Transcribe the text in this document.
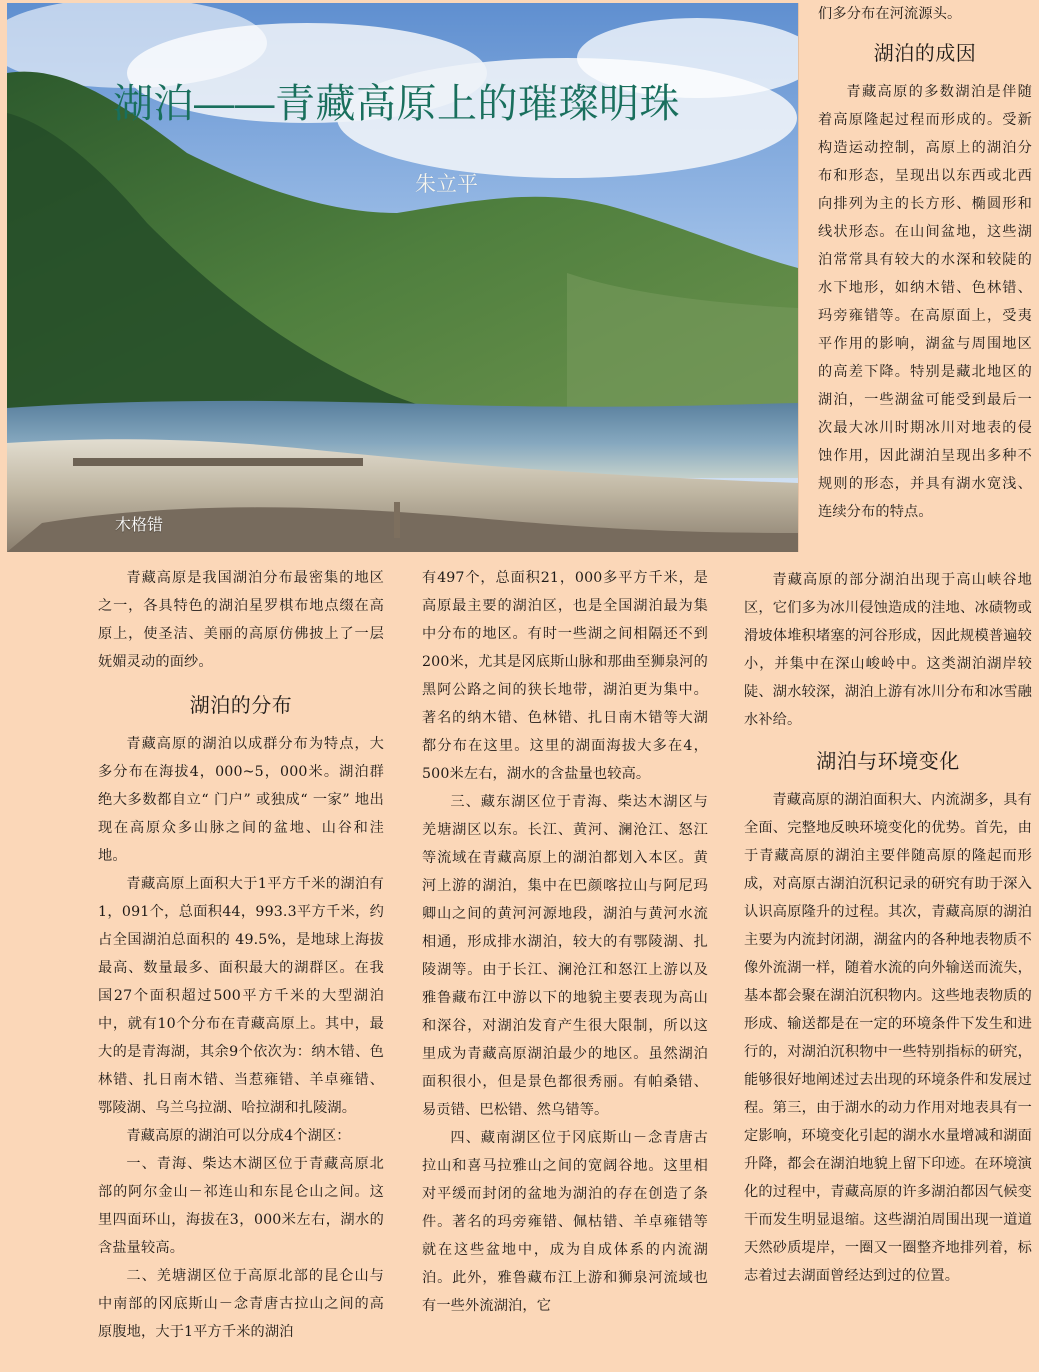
湖泊——青藏高原上的璀璨明珠
朱立平
木格错

青藏高原是我国湖泊分布最密集的地区之一，各具特色的湖泊星罗棋布地点缀在高原上，使圣洁、美丽的高原仿佛披上了一层妩媚灵动的面纱。

湖泊的分布

青藏高原的湖泊以成群分布为特点，大多分布在海拔4，000~5，000米。湖泊群绝大多数都自立“ 门户” 或独成“ 一家” 地出现在高原众多山脉之间的盆地、山谷和洼地。

青藏高原上面积大于1平方千米的湖泊有1，091个，总面积44，993.3平方千米，约占全国湖泊总面积的 49.5%，是地球上海拔最高、数量最多、面积最大的湖群区。在我国27个面积超过500平方千米的大型湖泊中，就有10个分布在青藏高原上。其中，最大的是青海湖，其余9个依次为：纳木错、色林错、扎日南木错、当惹雍错、羊卓雍错、鄂陵湖、乌兰乌拉湖、哈拉湖和扎陵湖。

青藏高原的湖泊可以分成4个湖区：

一、青海、柴达木湖区位于青藏高原北部的阿尔金山－祁连山和东昆仑山之间。这里四面环山，海拔在3，000米左右，湖水的含盐量较高。

二、羌塘湖区位于高原北部的昆仑山与中南部的冈底斯山－念青唐古拉山之间的高原腹地，大于1平方千米的湖泊

有497个，总面积21，000多平方千米，是高原最主要的湖泊区，也是全国湖泊最为集中分布的地区。有时一些湖之间相隔还不到200米，尤其是冈底斯山脉和那曲至狮泉河的黑阿公路之间的狭长地带，湖泊更为集中。著名的纳木错、色林错、扎日南木错等大湖都分布在这里。这里的湖面海拔大多在4，500米左右，湖水的含盐量也较高。

三、藏东湖区位于青海、柴达木湖区与羌塘湖区以东。长江、黄河、澜沧江、怒江等流域在青藏高原上的湖泊都划入本区。黄河上游的湖泊，集中在巴颜喀拉山与阿尼玛卿山之间的黄河河源地段，湖泊与黄河水流相通，形成排水湖泊，较大的有鄂陵湖、扎陵湖等。由于长江、澜沧江和怒江上游以及雅鲁藏布江中游以下的地貌主要表现为高山和深谷，对湖泊发育产生很大限制，所以这里成为青藏高原湖泊最少的地区。虽然湖泊面积很小，但是景色都很秀丽。有帕桑错、易贡错、巴松错、然乌错等。

四、藏南湖区位于冈底斯山－念青唐古拉山和喜马拉雅山之间的宽阔谷地。这里相对平缓而封闭的盆地为湖泊的存在创造了条件。著名的玛旁雍错、佩枯错、羊卓雍错等就在这些盆地中，成为自成体系的内流湖泊。此外，雅鲁藏布江上游和狮泉河流域也有一些外流湖泊，它

们多分布在河流源头。

湖泊的成因

青藏高原的多数湖泊是伴随着高原隆起过程而形成的。受新构造运动控制，高原上的湖泊分布和形态，呈现出以东西或北西向排列为主的长方形、椭圆形和线状形态。在山间盆地，这些湖泊常常具有较大的水深和较陡的水下地形，如纳木错、色林错、玛旁雍错等。在高原面上，受夷平作用的影响，湖盆与周围地区的高差下降。特别是藏北地区的湖泊，一些湖盆可能受到最后一次最大冰川时期冰川对地表的侵蚀作用，因此湖泊呈现出多种不规则的形态，并具有湖水宽浅、连续分布的特点。

青藏高原的部分湖泊出现于高山峡谷地区，它们多为冰川侵蚀造成的洼地、冰碛物或滑坡体堆积堵塞的河谷形成，因此规模普遍较小，并集中在深山峻岭中。这类湖泊湖岸较陡、湖水较深，湖泊上游有冰川分布和冰雪融水补给。

湖泊与环境变化

青藏高原的湖泊面积大、内流湖多，具有全面、完整地反映环境变化的优势。首先，由于青藏高原的湖泊主要伴随高原的隆起而形成，对高原古湖泊沉积记录的研究有助于深入认识高原隆升的过程。其次，青藏高原的湖泊主要为内流封闭湖，湖盆内的各种地表物质不像外流湖一样，随着水流的向外输送而流失，基本都会聚在湖泊沉积物内。这些地表物质的形成、输送都是在一定的环境条件下发生和进行的，对湖泊沉积物中一些特别指标的研究，能够很好地阐述过去出现的环境条件和发展过程。第三，由于湖水的动力作用对地表具有一定影响，环境变化引起的湖水水量增减和湖面升降，都会在湖泊地貌上留下印迹。在环境演化的过程中，青藏高原的许多湖泊都因气候变干而发生明显退缩。这些湖泊周围出现一道道天然砂质堤岸，一圈又一圈整齐地排列着，标志着过去湖面曾经达到过的位置。
